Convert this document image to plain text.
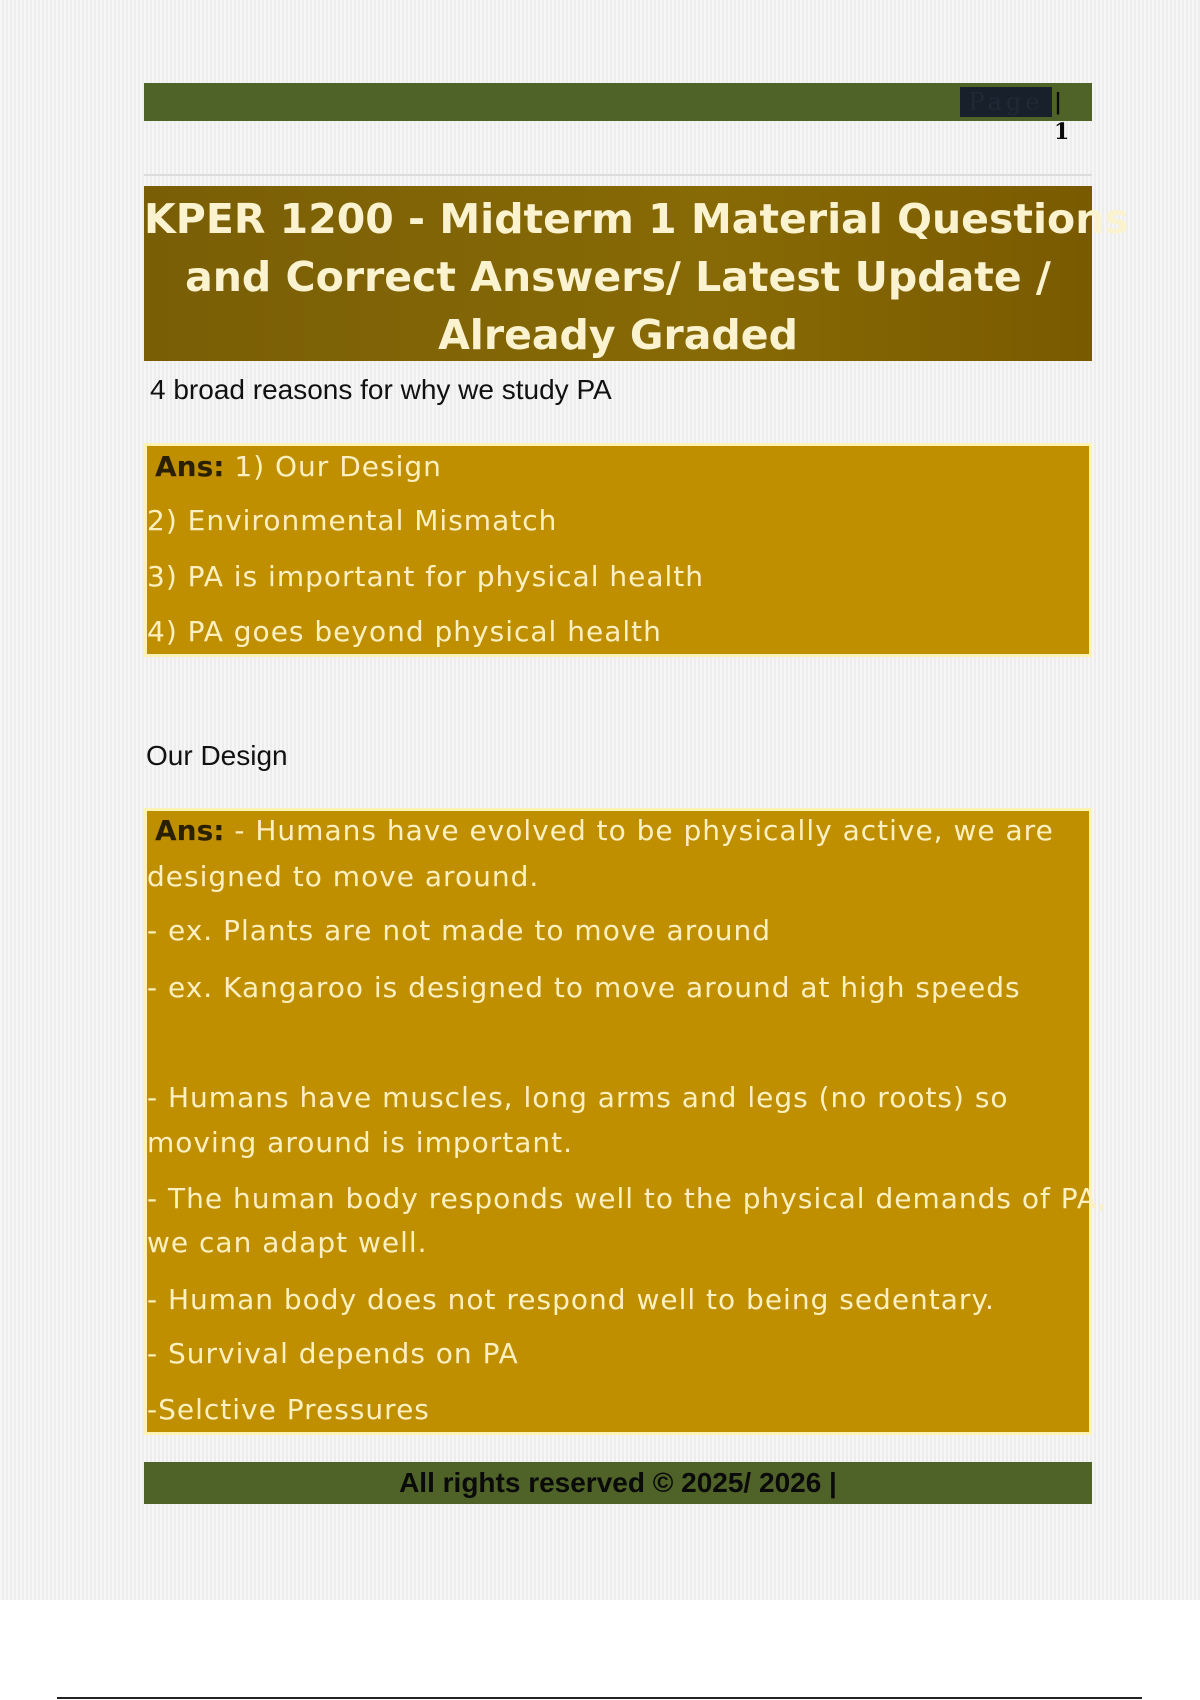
Page | 1
KPER 1200 - Midterm 1 Material Questions
and Correct Answers/ Latest Update /
Already Graded
4 broad reasons for why we study PA
Ans: 1) Our Design
2) Environmental Mismatch
3) PA is important for physical health
4) PA goes beyond physical health
Our Design
Ans: - Humans have evolved to be physically active, we are
designed to move around.
- ex. Plants are not made to move around
- ex. Kangaroo is designed to move around at high speeds
- Humans have muscles, long arms and legs (no roots) so
moving around is important.
- The human body responds well to the physical demands of PA,
we can adapt well.
- Human body does not respond well to being sedentary.
- Survival depends on PA
-Selctive Pressures
All rights reserved © 2025/ 2026 |
